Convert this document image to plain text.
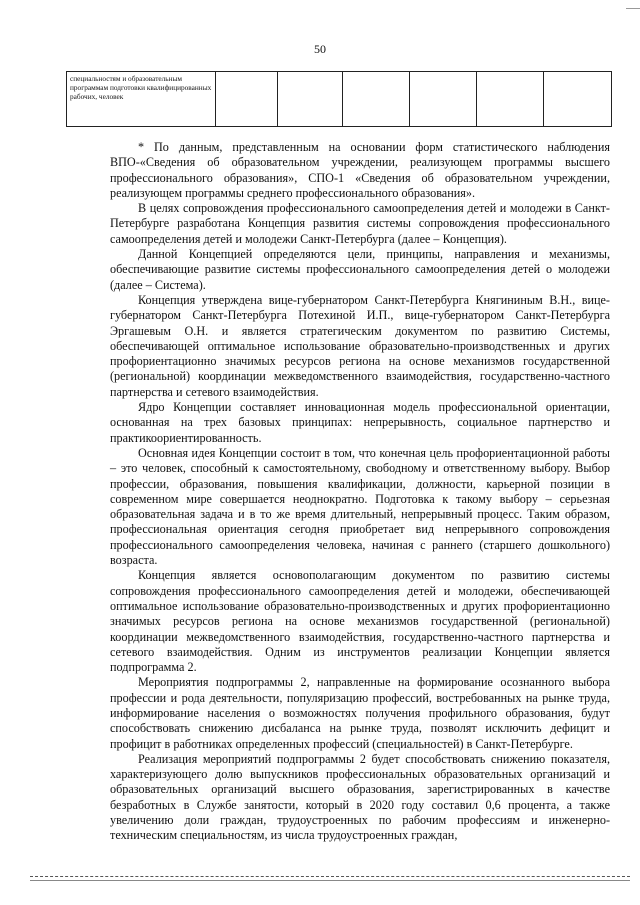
50
специальностям и образовательным программам подготовки квалифицированных рабочих, человек						

* По данным, представленным на основании форм статистического наблюдения ВПО-«Сведения об образовательном учреждении, реализующем программы высшего профессионального образования», СПО-1 «Сведения об образовательном учреждении, реализующем программы среднего профессионального образования».

В целях сопровождения профессионального самоопределения детей и молодежи в Санкт-Петербурге разработана Концепция развития системы сопровождения профессионального самоопределения детей и молодежи Санкт-Петербурга (далее – Концепция).

Данной Концепцией определяются цели, принципы, направления и механизмы, обеспечивающие развитие системы профессионального самоопределения детей о молодежи (далее – Система).

Концепция утверждена вице-губернатором Санкт-Петербурга Княгининым В.Н., вице-губернатором Санкт-Петербурга Потехиной И.П., вице-губернатором Санкт-Петербурга Эргашевым О.Н. и является стратегическим документом по развитию Системы, обеспечивающей оптимальное использование образовательно-производственных и других профориентационно значимых ресурсов региона на основе механизмов государственной (региональной) координации межведомственного взаимодействия, государственно-частного партнерства и сетевого взаимодействия.

Ядро Концепции составляет инновационная модель профессиональной ориентации, основанная на трех базовых принципах: непрерывность, социальное партнерство и практикоориентированность.

Основная идея Концепции состоит в том, что конечная цель профориентационной работы – это человек, способный к самостоятельному, свободному и ответственному выбору. Выбор профессии, образования, повышения квалификации, должности, карьерной позиции в современном мире совершается неоднократно. Подготовка к такому выбору – серьезная образовательная задача и в то же время длительный, непрерывный процесс. Таким образом, профессиональная ориентация сегодня приобретает вид непрерывного сопровождения профессионального самоопределения человека, начиная с раннего (старшего дошкольного) возраста.

Концепция является основополагающим документом по развитию системы сопровождения профессионального самоопределения детей и молодежи, обеспечивающей оптимальное использование образовательно-производственных и других профориентационно значимых ресурсов региона на основе механизмов государственной (региональной) координации межведомственного взаимодействия, государственно-частного партнерства и сетевого взаимодействия. Одним из инструментов реализации Концепции является подпрограмма 2.

Мероприятия подпрограммы 2, направленные на формирование осознанного выбора профессии и рода деятельности, популяризацию профессий, востребованных на рынке труда, информирование населения о возможностях получения профильного образования, будут способствовать снижению дисбаланса на рынке труда, позволят исключить дефицит и профицит в работниках определенных профессий (специальностей) в Санкт-Петербурге.

Реализация мероприятий подпрограммы 2 будет способствовать снижению показателя, характеризующего долю выпускников профессиональных образовательных организаций и образовательных организаций высшего образования, зарегистрированных в качестве безработных в Службе занятости, который в 2020 году составил 0,6 процента, а также увеличению доли граждан, трудоустроенных по рабочим профессиям и инженерно-техническим специальностям, из числа трудоустроенных граждан,
